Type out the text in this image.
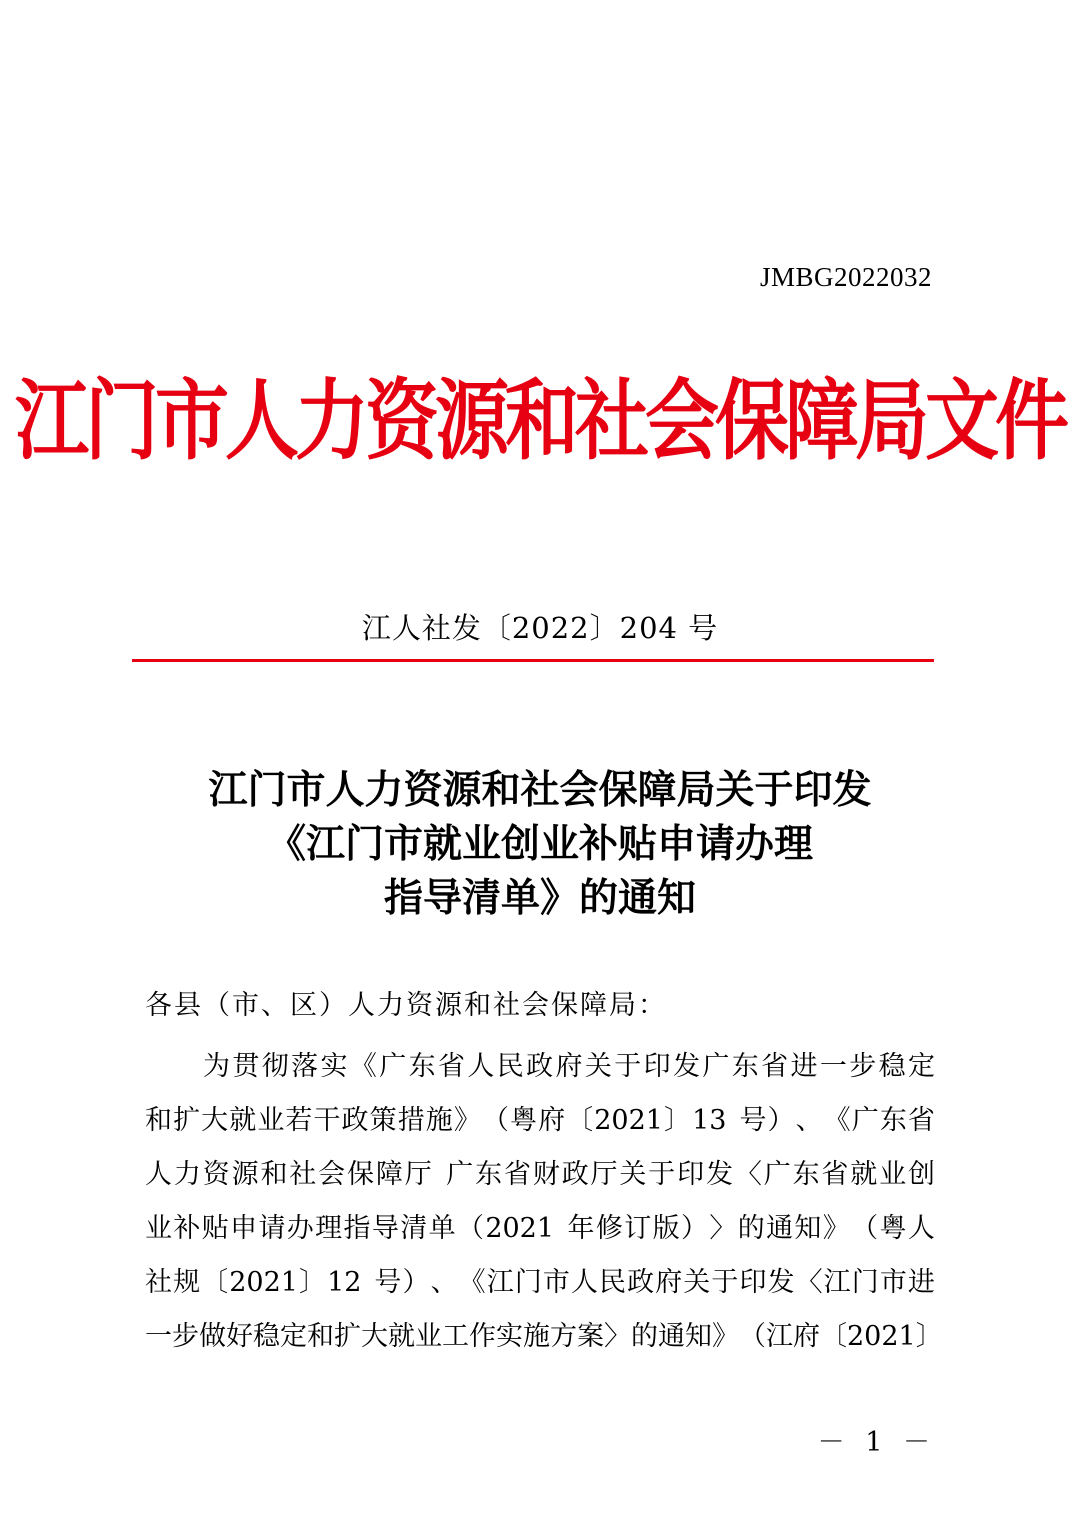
JMBG2022032
江门市人力资源和社会保障局文件
江人社发〔2022〕204 号
江门市人力资源和社会保障局关于印发
《江门市就业创业补贴申请办理
指导清单》的通知
各县（市、区）人力资源和社会保障局：
为 贯 彻 落 实 《 广 东 省 人 民 政 府 关 于 印 发 广 东 省 进 一 步 稳 定
和 扩 大 就 业 若 干 政 策 措 施 》 （ 粤 府 〔 2021 〕 13 号 ） 、 《 广 东 省
人 力 资 源 和 社 会 保 障 厅 广 东 省 财 政 厅 关 于 印 发 〈 广 东 省 就 业 创
业 补 贴 申 请 办 理 指 导 清 单 （ 2021 年 修 订 版 ） 〉 的 通 知 》 （ 粤 人
社 规 〔 2021 〕 12 号 ） 、 《 江 门 市 人 民 政 府 关 于 印 发 〈 江 门 市 进
一 步 做 好 稳 定 和 扩 大 就 业 工 作 实 施 方 案 〉 的 通 知 》 （ 江 府 〔 2021 〕
－ 1 －
